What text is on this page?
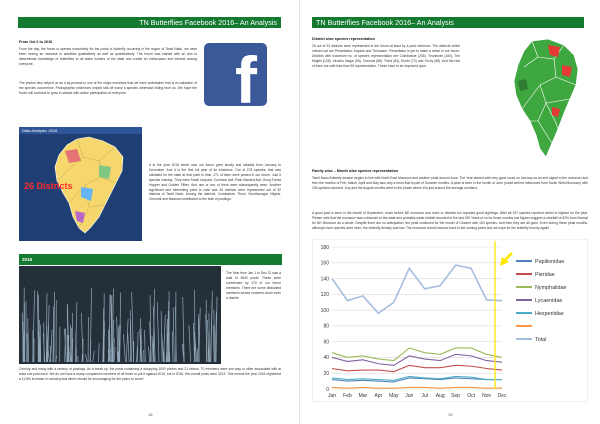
TN Butterflies Facebook 2016– An Analysis
From Oct 2 to 2016
From the day, the forum is opened exclusively for the posts of butterfly occurring in the region of Tamil Nadu, we have been seeing an increase in activities qualitatively as well as quantitatively. The forum was started with an aim to disseminate knowledge of butterflies to all stake holders of the state and create an enthusiasm and interest among everyone.
The photos also helped us as a by-product in one of the major exercises that we have undertaken that is re-validation of the species occurrence. Photographic evidences helped talk off many a species otherwise hiding from us. We hope the forum will continue to grow in stature with active participation of everyone.	f
Data Analysis: 2016
26 Districts
It is the year 2016 which saw our forum grew slowly and steadily from January to December. And it is the first full year of its existence. Out of 278 species, that was validated for the state at that point in time, 271 of them were posted in our forum. Just 5 species missing. They were Small Leopard, Common Awl, Plain Banded Awl, Gong Forest Hopper and Golden Flitter. And one or two of them were subsequently seen. Another significant and interesting point to note was 26 districts were represented out of 32 districts of Tamil Nadu. Among the districts, Coimbatore, Theni, Virudhunagar, Nilgiris, Chennai and Madurai contributed to the bulk of postings.
2016
The Year from Jan 1 to Dec 31 saw a total of 3840 posts. These were contributed by 170 of our forum members. There are some dedicated members whose numbers touch even a double
Century and many with a century of postings. As a break up, the posts containing a whopping 1000 photos and 21 videos. 70 members were one way or other associated with at least one post each. We do not have a ready comparison numbers of all these to put it against 2015, but in 2016, the overall posts were 3213. This means the year 2016 registered a 11.8% increase in overall posts which should be encouraging for the years to come!
18
TN Butterflies Facebook 2016– An Analysis
District wise species representation
26 out of 32 districts were represented in the forum at least by a post minimum. The districts which missed out are Perambalur, Ariyalur and Thiruvarur. Perambalur is yet to make a debut in our forum. Districts with maximum no. of species representation are Coimbatore (208), Tirunelveli (180), The Nilgiris (128), Virudhu Nagar (96), Chennai (88), Theni (84), Erode (72) and Trichy (68). And the rest of them are with less than 50 representation. These have to be improved upon.
Family wise – Month wise species representation
Tamil Nadu Butterfly season begins in line with North East Monsoon and another peak around June. The Year started with very good count on January as an end signal to the monsoon and then the months of Feb, March, April and May saw only a trend that is part of Summer months. A peak is seen in the month of June (could well be influenced from South West Monsoon) with 153 species reported. July and the August months went to the phase where it is just around the average numbers.
A good post is seen in the month of September, much before NE monsoon and more or districts too reported good sightings. After all 157 species reported which is highest for the year. Please note that the monsoon was a disorder to the state and probably weak rainfall recorded in the last 150 Years or so for those months lost figures suggest a shortfall of 62% from Normal for NE Monsoon as a whole. Despite there are no anticipation, the peak continued for the month of October with 153 species. And then they are all gone. Even during these peak months, although more species were seen, the butterfly density was low. The monsoon should bounce back in the coming years and we hope for the butterfly bounty again!
0
20
40
60
80
100
120
140
160
180
Jan Feb Mar Apr May Jun Jul Aug Sep Oct Nov Dec
Papilionidae
Pieridae
Nymphalidae
Lycaenidae
Hesperiidae
Total
19
